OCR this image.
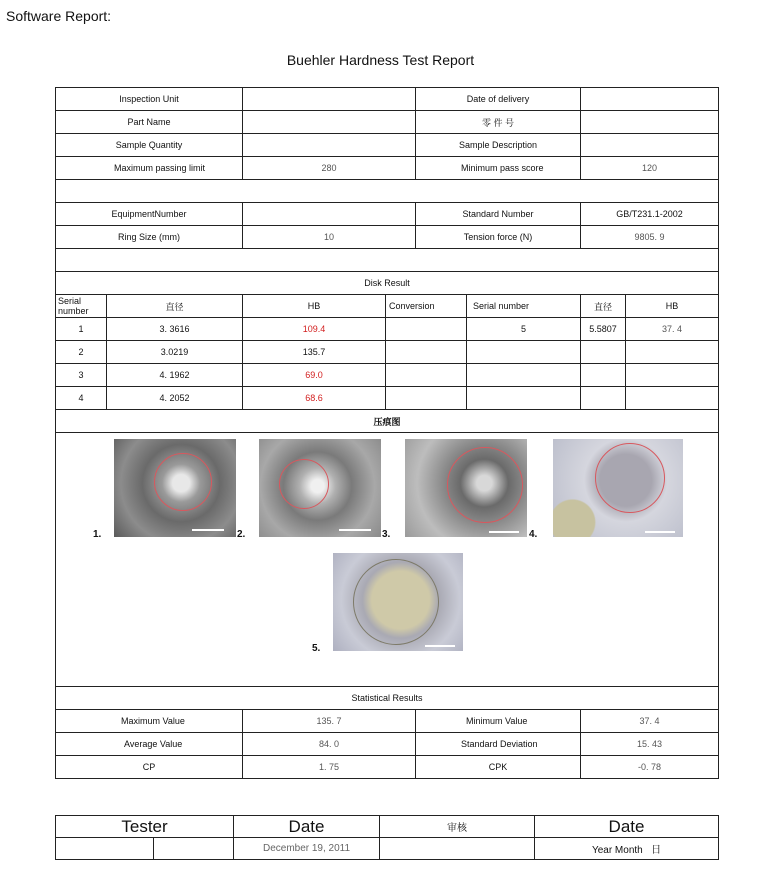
Software Report:
Buehler Hardness Test Report
Inspection Unit				Date of delivery			
Part Name				零 件 号			
Sample Quantity				Sample Description			
Maximum passing limit		280		Minimum pass score		120	

EquipmentNumber				Standard Number		GB/T231.1-2002	
Ring Size (mm)		10		Tension force (N)		9805. 9	

Disk Result							
Serial number	直径	HB	Conversion		Serial number	直径	HB
1	3. 3616	109.4			5	5.5807	37. 4
2	3.0219	135.7					
3	4. 1962	69.0					
4	4. 2052	68.6					
压痕图							

1. 2. 3. 4.
5.							

Statistical Results							
Maximum Value		135. 7		Minimum Value		37. 4	
Average Value		84. 0		Standard Deviation		15. 43	
CP		1. 75		CPK		-0. 78	
Tester		Date	审核	Date
		December 19, 2011		Year Month 日
